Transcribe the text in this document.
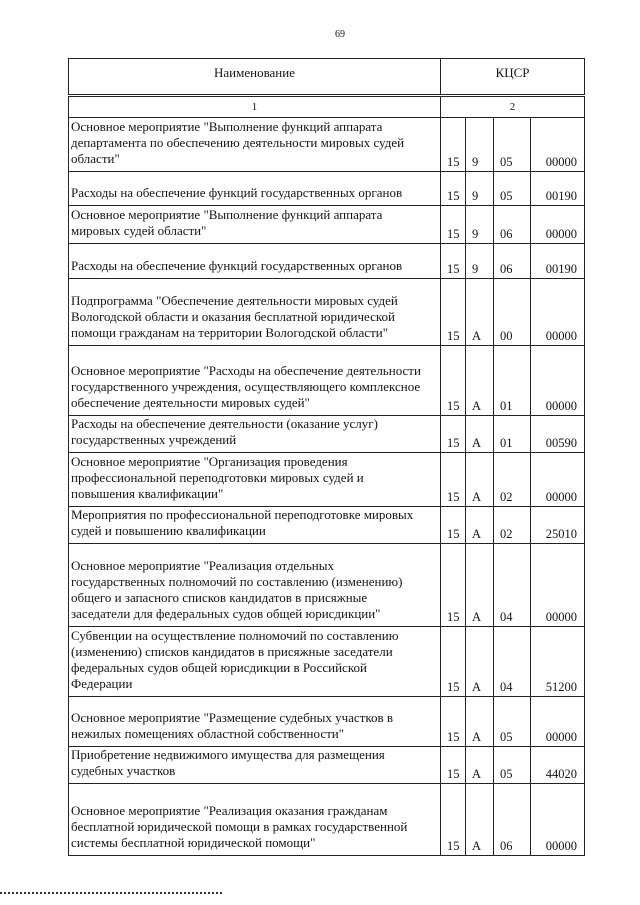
69
Наименование	КЦСР			
1	2			
Основное мероприятие "Выполнение функций аппарата
департамента по обеспечению деятельности мировых судей
области"	15	9	05	00000
Расходы на обеспечение функций государственных органов	15	9	05	00190
Основное мероприятие "Выполнение функций аппарата
мировых судей области"	15	9	06	00000
Расходы на обеспечение функций государственных органов	15	9	06	00190
Подпрограмма "Обеспечение деятельности мировых судей
Вологодской области и оказания бесплатной юридической
помощи гражданам на территории Вологодской области"	15	А	00	00000
Основное мероприятие "Расходы на обеспечение деятельности
государственного учреждения, осуществляющего комплексное
обеспечение деятельности мировых судей"	15	А	01	00000
Расходы на обеспечение деятельности (оказание услуг)
государственных учреждений	15	А	01	00590
Основное мероприятие "Организация проведения
профессиональной переподготовки мировых судей и
повышения квалификации"	15	А	02	00000
Мероприятия по профессиональной переподготовке мировых
судей и повышению квалификации	15	А	02	25010
Основное мероприятие "Реализация отдельных
государственных полномочий по составлению (изменению)
общего и запасного списков кандидатов в присяжные
заседатели для федеральных судов общей юрисдикции"	15	А	04	00000
Субвенции на осуществление полномочий по составлению
(изменению) списков кандидатов в присяжные заседатели
федеральных судов общей юрисдикции в Российской
Федерации	15	А	04	51200
Основное мероприятие "Размещение судебных участков в
нежилых помещениях областной собственности"	15	А	05	00000
Приобретение недвижимого имущества для размещения
судебных участков	15	А	05	44020
Основное мероприятие "Реализация оказания гражданам
бесплатной юридической помощи в рамках государственной
системы бесплатной юридической помощи"	15	А	06	00000
